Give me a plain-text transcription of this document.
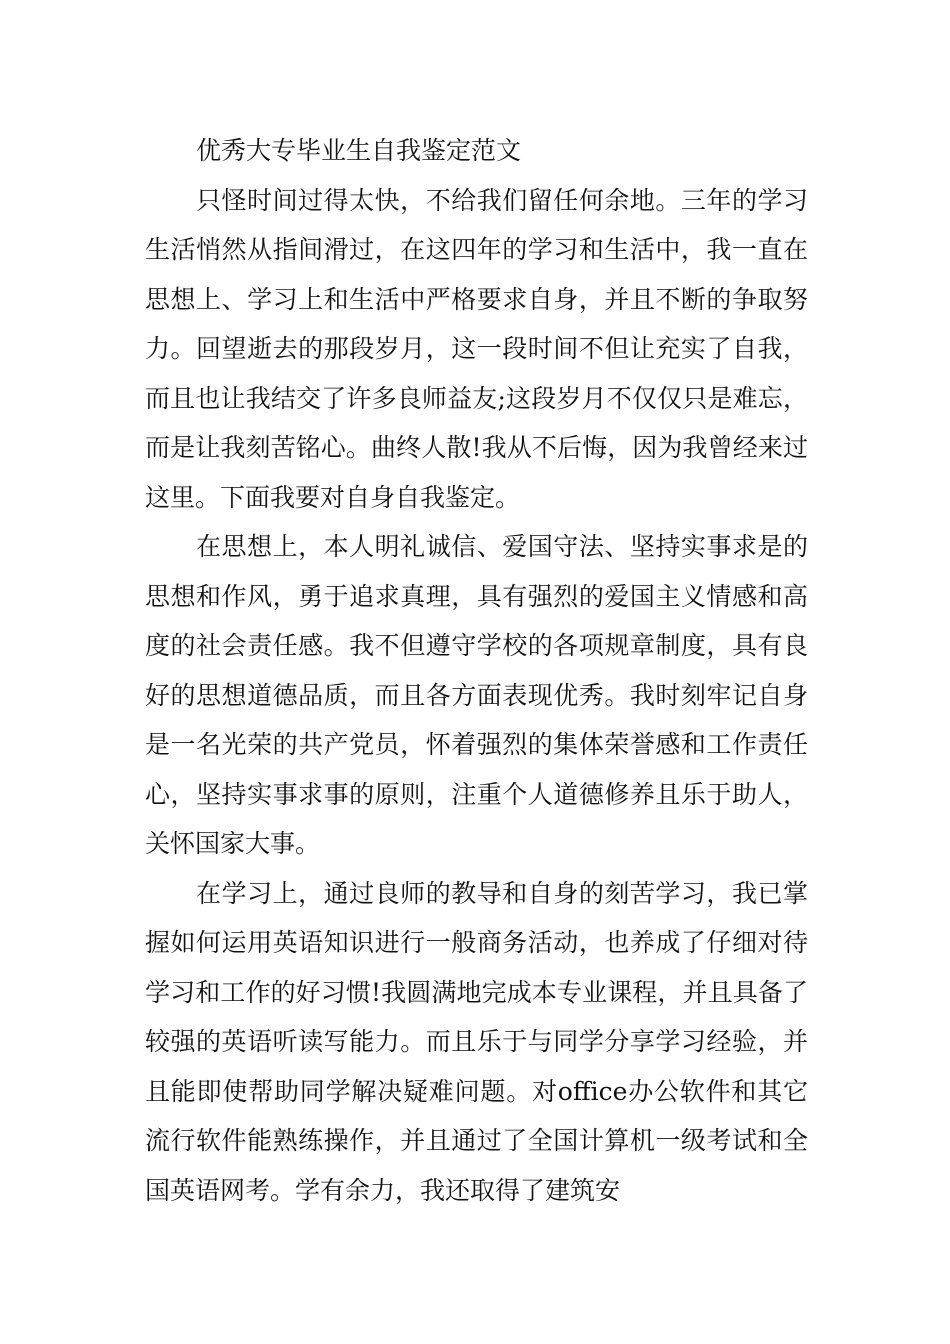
优秀大专毕业生自我鉴定范文

只怪时间过得太快，不给我们留任何余地。三年的学习生活悄然从指间滑过，在这四年的学习和生活中，我一直在思想上、学习上和生活中严格要求自身，并且不断的争取努力。回望逝去的那段岁月，这一段时间不但让充实了自我，而且也让我结交了许多良师益友;这段岁月不仅仅只是难忘，而是让我刻苦铭心。曲终人散!我从不后悔，因为我曾经来过这里。下面我要对自身自我鉴定。

在思想上，本人明礼诚信、爱国守法、坚持实事求是的思想和作风，勇于追求真理，具有强烈的爱国主义情感和高度的社会责任感。我不但遵守学校的各项规章制度，具有良好的思想道德品质，而且各方面表现优秀。我时刻牢记自身是一名光荣的共产党员，怀着强烈的集体荣誉感和工作责任心，坚持实事求事的原则，注重个人道德修养且乐于助人，关怀国家大事。

在学习上，通过良师的教导和自身的刻苦学习，我已掌握如何运用英语知识进行一般商务活动，也养成了仔细对待学习和工作的好习惯!我圆满地完成本专业课程，并且具备了较强的英语听读写能力。而且乐于与同学分享学习经验，并且能即使帮助同学解决疑难问题。对office办公软件和其它流行软件能熟练操作，并且通过了全国计算机一级考试和全国英语网考。学有余力，我还取得了建筑安
